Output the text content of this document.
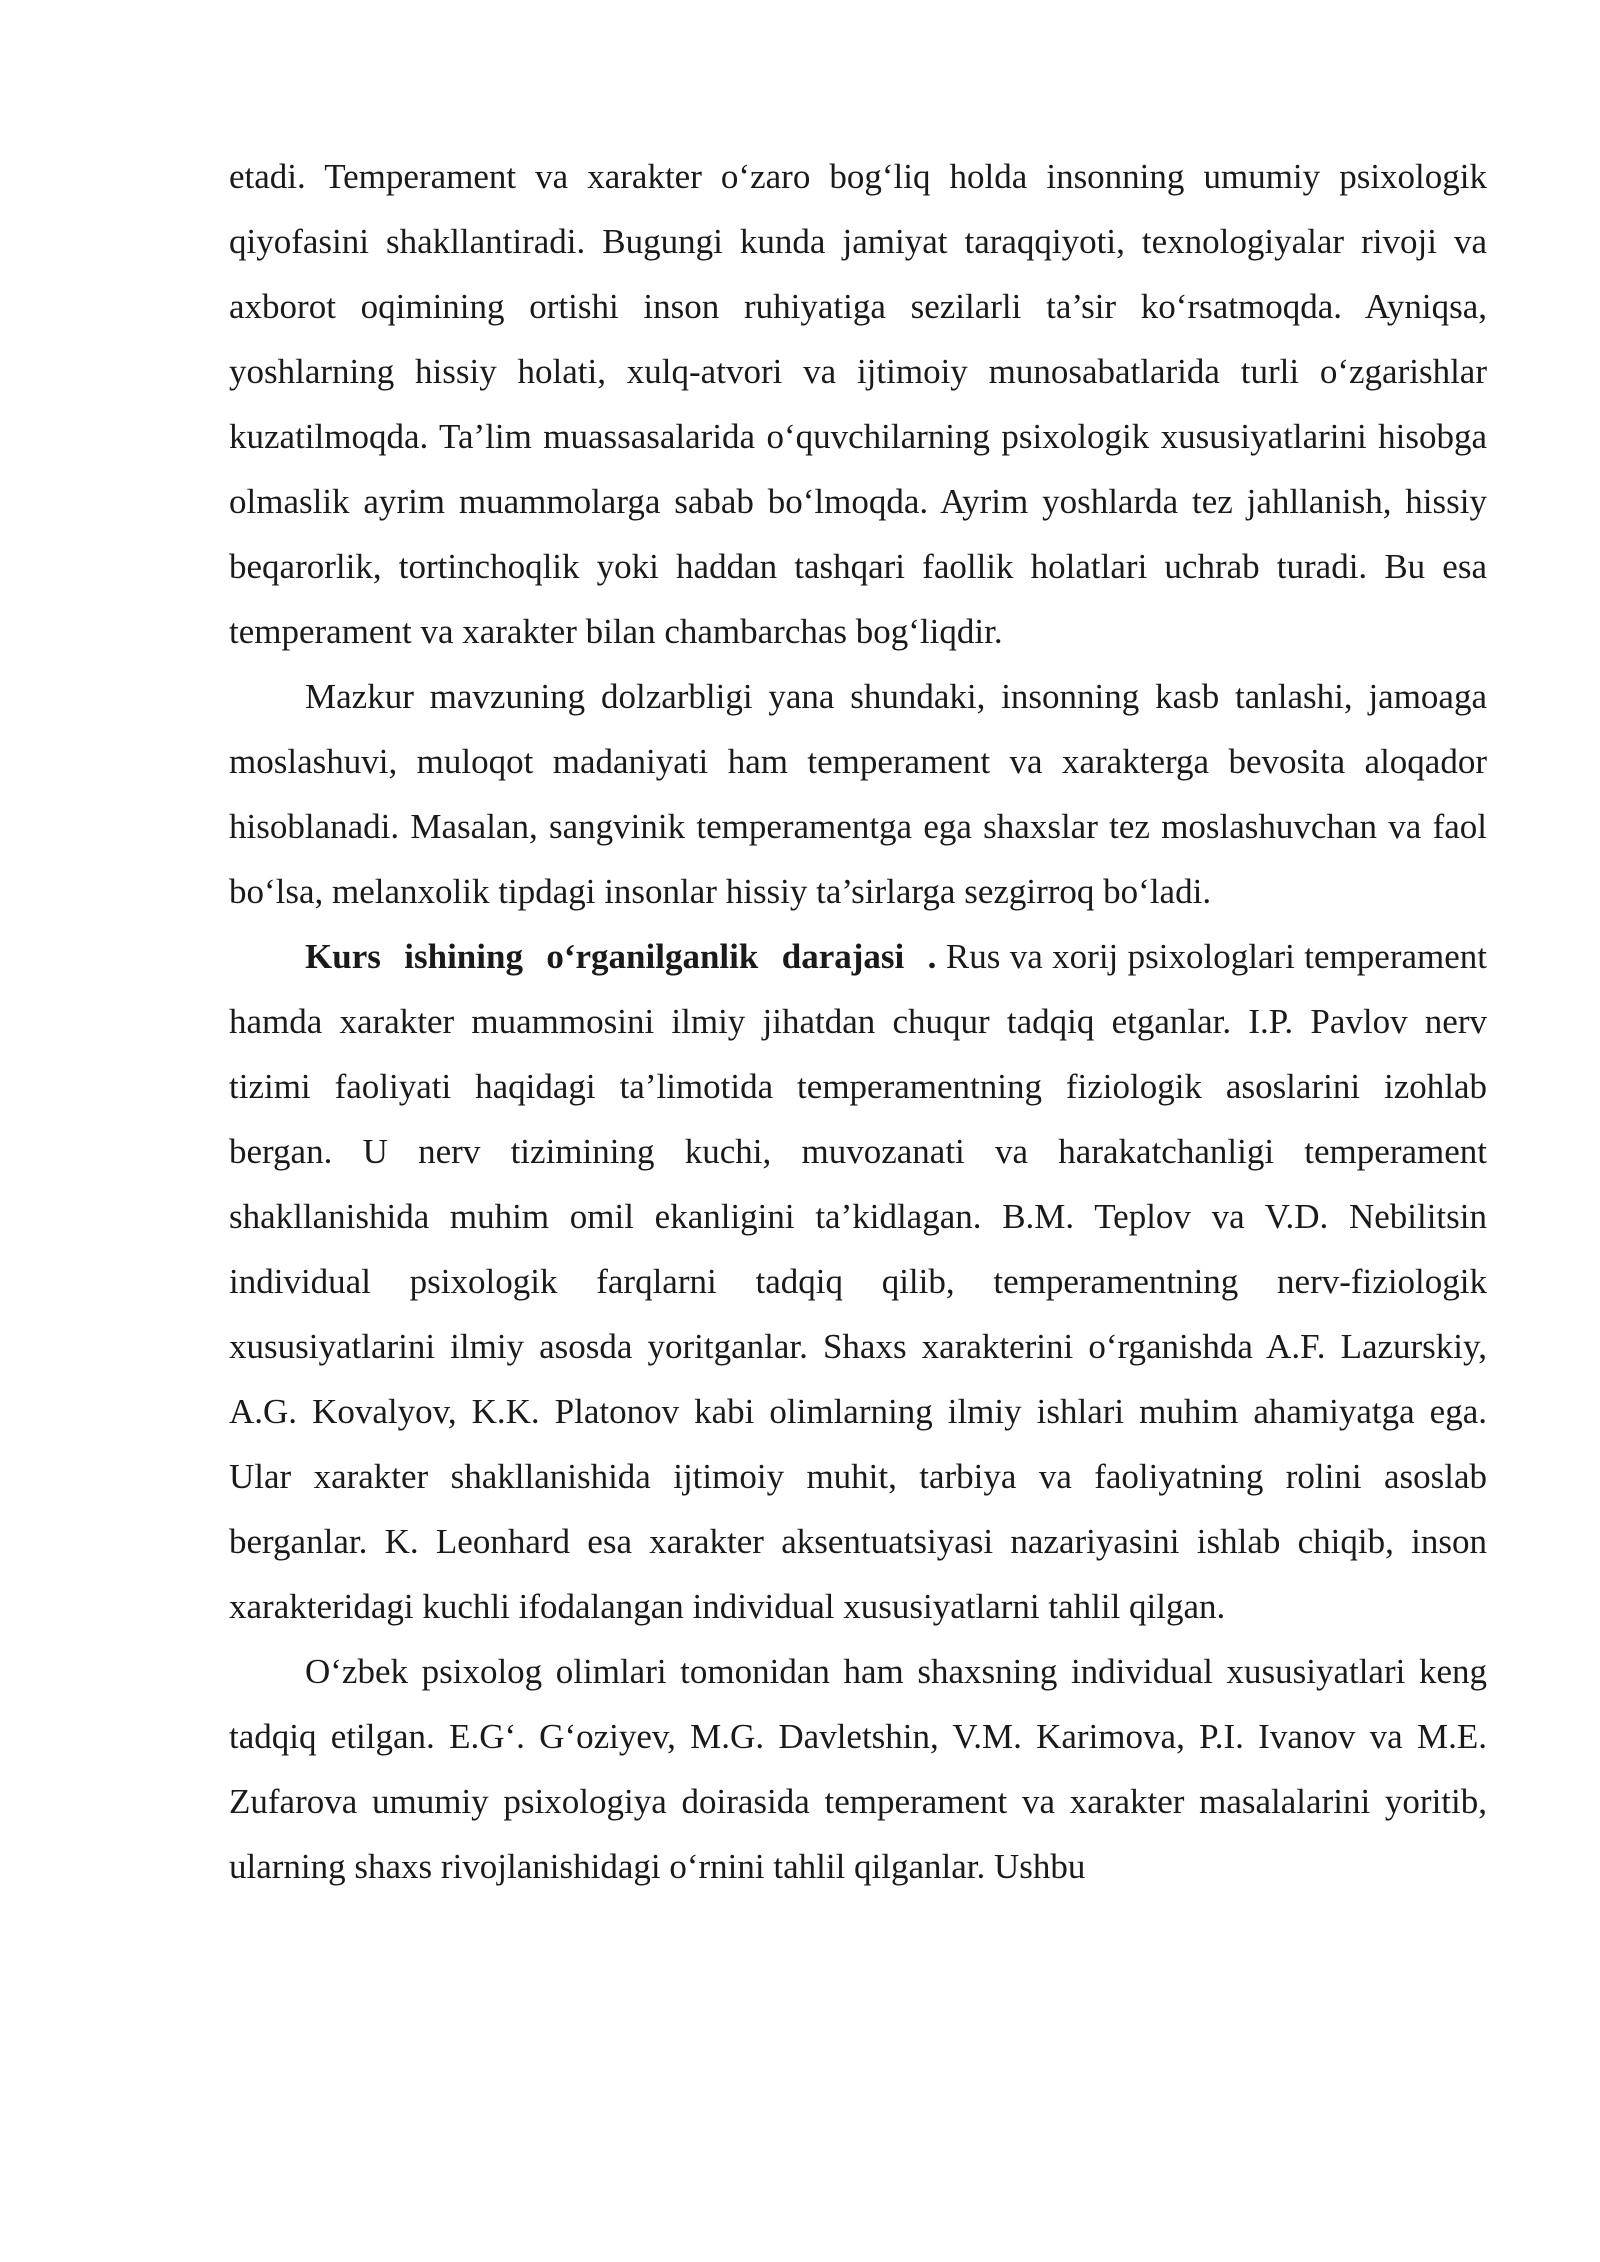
etadi. Temperament va xarakter o‘zaro bog‘liq holda insonning umumiy psixologik qiyofasini shakllantiradi. Bugungi kunda jamiyat taraqqiyoti, texnologiyalar rivoji va axborot oqimining ortishi inson ruhiyatiga sezilarli ta’sir ko‘rsatmoqda. Ayniqsa, yoshlarning hissiy holati, xulq-atvori va ijtimoiy munosabatlarida turli o‘zgarishlar kuzatilmoqda. Ta’lim muassasalarida o‘quvchilarning psixologik xususiyatlarini hisobga olmaslik ayrim muammolarga sabab bo‘lmoqda. Ayrim yoshlarda tez jahllanish, hissiy beqarorlik, tortinchoqlik yoki haddan tashqari faollik holatlari uchrab turadi. Bu esa temperament va xarakter bilan chambarchas bog‘liqdir.

Mazkur mavzuning dolzarbligi yana shundaki, insonning kasb tanlashi, jamoaga moslashuvi, muloqot madaniyati ham temperament va xarakterga bevosita aloqador hisoblanadi. Masalan, sangvinik temperamentga ega shaxslar tez moslashuvchan va faol bo‘lsa, melanxolik tipdagi insonlar hissiy ta’sirlarga sezgirroq bo‘ladi.

Kurs ishining o‘rganilganlik darajasi . Rus va xorij psixologlari temperament hamda xarakter muammosini ilmiy jihatdan chuqur tadqiq etganlar. I.P. Pavlov nerv tizimi faoliyati haqidagi ta’limotida temperamentning fiziologik asoslarini izohlab bergan. U nerv tizimining kuchi, muvozanati va harakatchanligi temperament shakllanishida muhim omil ekanligini ta’kidlagan. B.M. Teplov va V.D. Nebilitsin individual psixologik farqlarni tadqiq qilib, temperamentning nerv-fiziologik xususiyatlarini ilmiy asosda yoritganlar. Shaxs xarakterini o‘rganishda A.F. Lazurskiy, A.G. Kovalyov, K.K. Platonov kabi olimlarning ilmiy ishlari muhim ahamiyatga ega. Ular xarakter shakllanishida ijtimoiy muhit, tarbiya va faoliyatning rolini asoslab berganlar. K. Leonhard esa xarakter aksentuatsiyasi nazariyasini ishlab chiqib, inson xarakteridagi kuchli ifodalangan individual xususiyatlarni tahlil qilgan.

O‘zbek psixolog olimlari tomonidan ham shaxsning individual xususiyatlari keng tadqiq etilgan. E.G‘. G‘oziyev, M.G. Davletshin, V.M. Karimova, P.I. Ivanov va M.E. Zufarova umumiy psixologiya doirasida temperament va xarakter masalalarini yoritib, ularning shaxs rivojlanishidagi o‘rnini tahlil qilganlar. Ushbu
